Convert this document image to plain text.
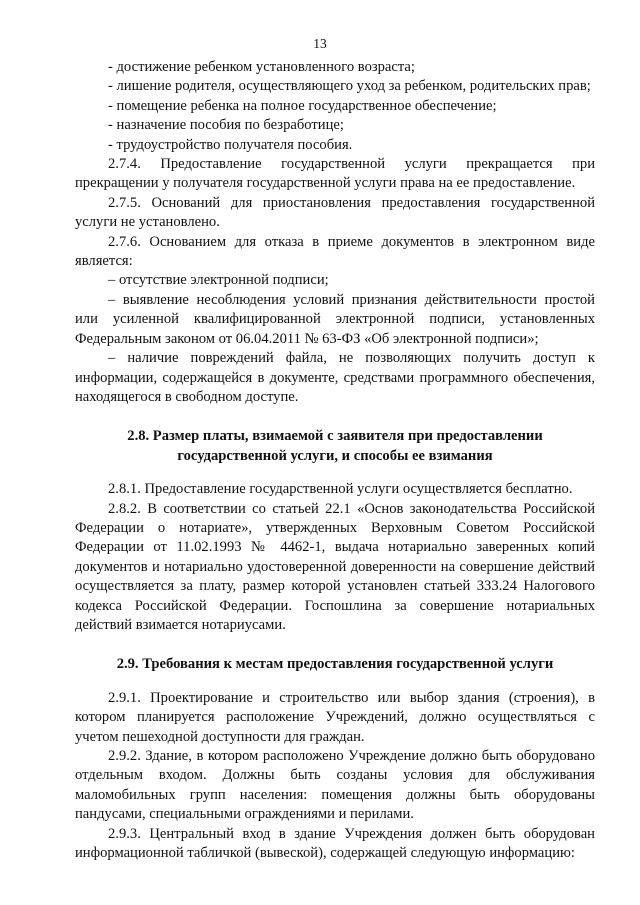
13

- достижение ребенком установленного возраста;

- лишение родителя, осуществляющего уход за ребенком, родительских прав;

- помещение ребенка на полное государственное обеспечение;

- назначение пособия по безработице;

- трудоустройство получателя пособия.

2.7.4. Предоставление государственной услуги прекращается при прекращении у получателя государственной услуги права на ее предоставление.

2.7.5. Оснований для приостановления предоставления государственной услуги не установлено.

2.7.6. Основанием для отказа в приеме документов в электронном виде является:

– отсутствие электронной подписи;

– выявление несоблюдения условий признания действительности простой или усиленной квалифицированной электронной подписи, установленных Федеральным законом от 06.04.2011 № 63-ФЗ «Об электронной подписи»;

– наличие повреждений файла, не позволяющих получить доступ к информации, содержащейся в документе, средствами программного обеспечения, находящегося в свободном доступе.

2.8. Размер платы, взимаемой с заявителя при предоставлении
государственной услуги, и способы ее взимания

2.8.1. Предоставление государственной услуги осуществляется бесплатно.

2.8.2. В соответствии со статьей 22.1 «Основ законодательства Российской Федерации о нотариате», утвержденных Верховным Советом Российской Федерации от 11.02.1993 № 4462-1, выдача нотариально заверенных копий документов и нотариально удостоверенной доверенности на совершение действий осуществляется за плату, размер которой установлен статьей 333.24 Налогового кодекса Российской Федерации. Госпошлина за совершение нотариальных действий взимается нотариусами.

2.9. Требования к местам предоставления государственной услуги

2.9.1. Проектирование и строительство или выбор здания (строения), в котором планируется расположение Учреждений, должно осуществляться с учетом пешеходной доступности для граждан.

2.9.2. Здание, в котором расположено Учреждение должно быть оборудовано отдельным входом. Должны быть созданы условия для обслуживания маломобильных групп населения: помещения должны быть оборудованы пандусами, специальными ограждениями и перилами.

2.9.3. Центральный вход в здание Учреждения должен быть оборудован информационной табличкой (вывеской), содержащей следующую информацию:
